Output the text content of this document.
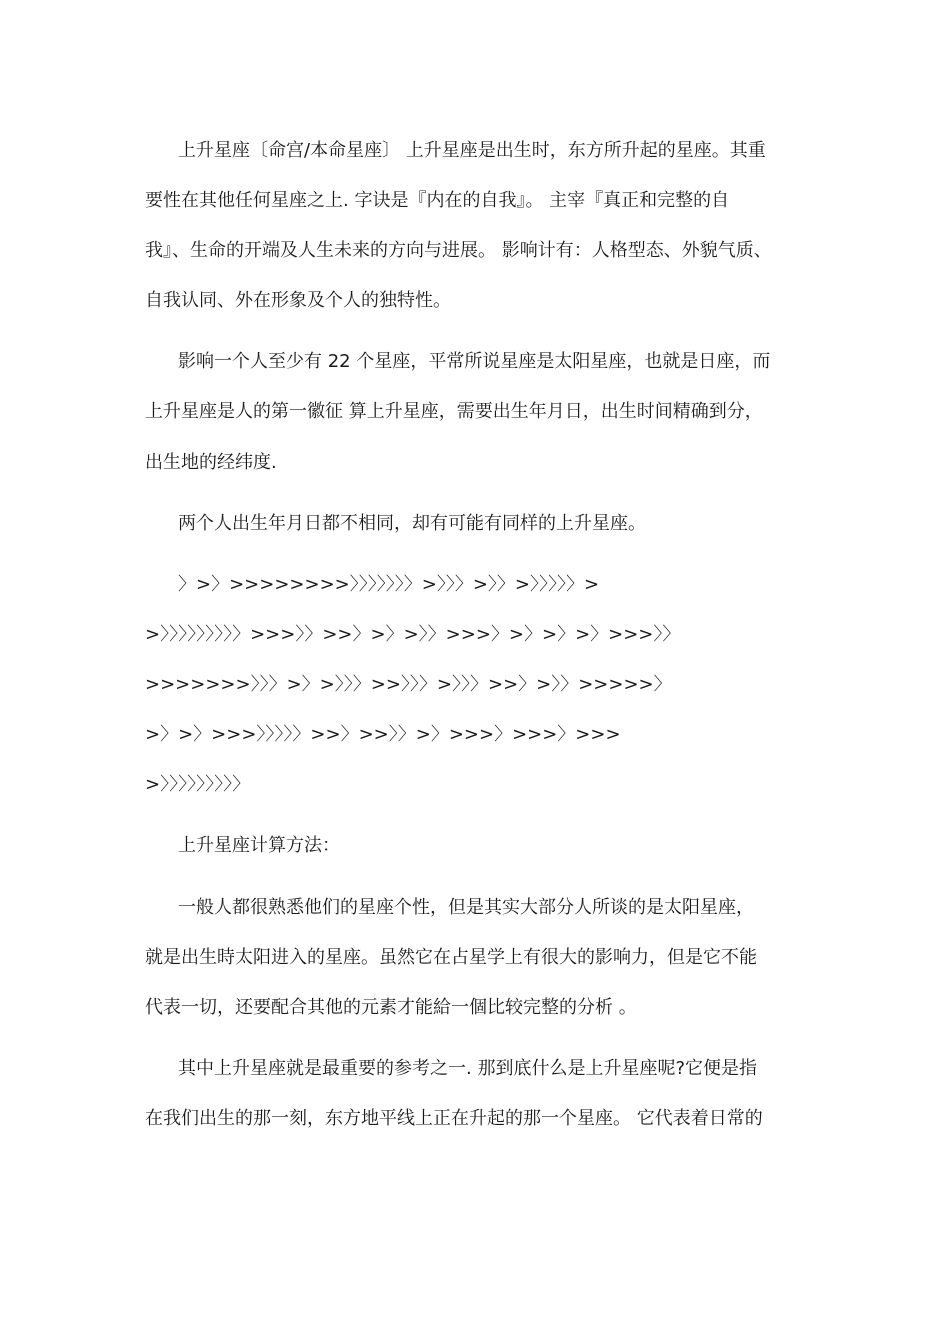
上升星座〔命宫/本命星座〕 上升星座是出生时，东方所升起的星座。其重
要性在其他任何星座之上. 字诀是『内在的自我』。 主宰『真正和完整的自
我』、生命的开端及人生未来的方向与进展。 影响计有：人格型态、外貌气质、
自我认同、外在形象及个人的独特性。
影响一个人至少有 22 个星座，平常所说星座是太阳星座，也就是日座，而
上升星座是人的第一徽征 算上升星座，需要出生年月日，出生时间精确到分，
出生地的经纬度.
两个人出生年月日都不相同，却有可能有同样的上升星座。
〉>〉>>>>>>>>〉〉〉〉〉〉〉>〉〉〉>〉〉>〉〉〉〉〉>
>〉〉〉〉〉〉〉〉〉>>>〉〉>>〉>〉>〉〉>>>〉>〉>〉>〉>>>〉〉
>>>>>>>〉〉〉>〉>〉〉〉>>〉〉〉>〉〉〉>>〉>〉〉>>>>>〉
>〉>〉>>>〉〉〉〉〉>>〉>>〉〉>〉>>>〉>>>〉>>>
>〉〉〉〉〉〉〉〉〉
上升星座计算方法：
一般人都很熟悉他们的星座个性，但是其实大部分人所谈的是太阳星座，
就是出生時太阳进入的星座。虽然它在占星学上有很大的影响力，但是它不能
代表一切，还要配合其他的元素才能給一個比较完整的分析 。
其中上升星座就是最重要的参考之一. 那到底什么是上升星座呢?它便是指
在我们出生的那一刻，东方地平线上正在升起的那一个星座。 它代表着日常的
